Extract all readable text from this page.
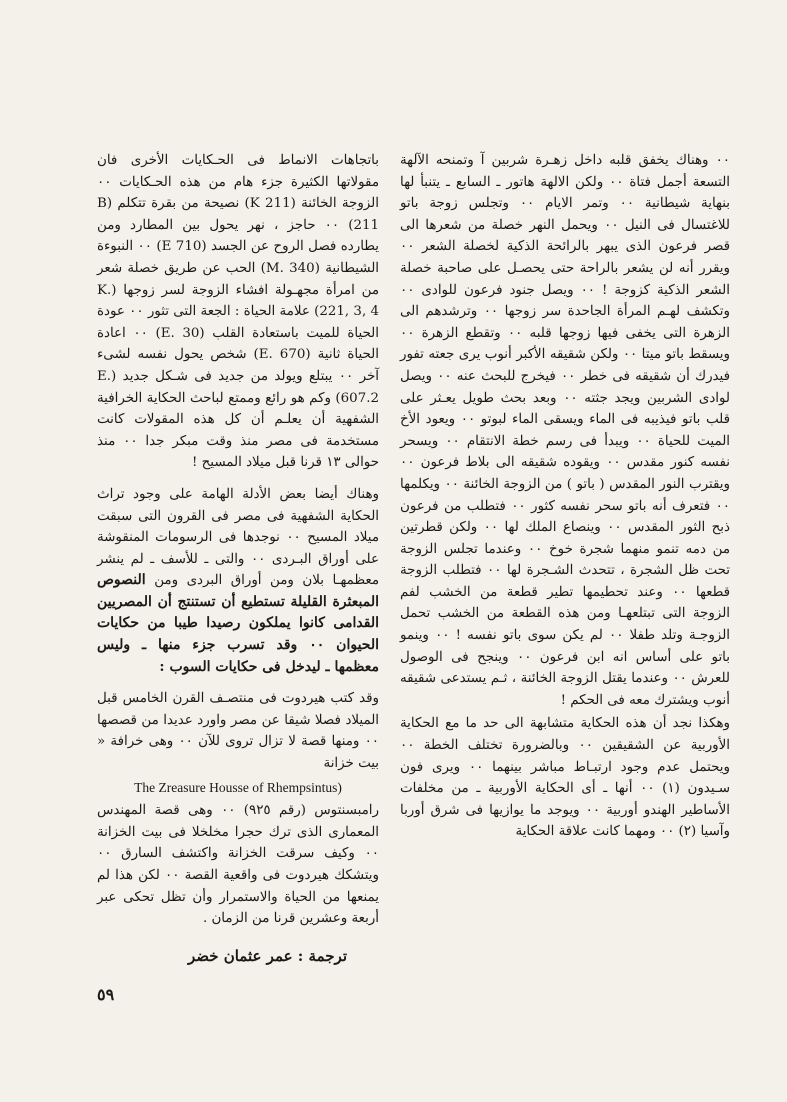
٠٠ وهناك يخفق قلبه داخل زهـرة شربين آ وتمنحه الآلهة التسعة أجمل فتاة ٠٠ ولكن الالهة هاتور ـ السابع ـ يتنبأ لها بنهاية شيطانية ٠٠ وتمر الايام ٠٠ وتجلس زوجة باتو للاغتسال فى النيل ٠٠ ويحمل النهر خصلة من شعرها الى قصر فرعون الذى يبهر بالرائحة الذكية لخصلة الشعر ٠٠ ويقرر أنه لن يشعر بالراحة حتى يحصـل على صاحبة خصلة الشعر الذكية كزوجة ! ٠٠ ويصل جنود فرعون للوادى ٠٠ وتكشف لهـم المرأة الجاحدة سر زوجها ٠٠ وترشدهم الى الزهرة التى يخفى فيها زوجها قلبه ٠٠ وتقطع الزهرة ٠٠ ويسقط باتو ميتا ٠٠ ولكن شقيقه الأكبر أنوب يرى جعته تفور فيدرك أن شقيقه فى خطر ٠٠ فيخرج للبحث عنه ٠٠ ويصل لوادى الشربين ويجد جثته ٠٠ وبعد بحث طويل يعـثر على قلب باتو فيذيبه فى الماء ويسقى الماء لبوتو ٠٠ ويعود الأخ الميت للحياة ٠٠ ويبدأ فى رسم خطة الانتقام ٠٠ ويسحر نفسه كنور مقدس ٠٠ ويقوده شقيقه الى بلاط فرعون ٠٠ ويقترب النور المقدس ( باتو ) من الزوجة الخائنة ٠٠ ويكلمها ٠٠ فتعرف أنه باتو سحر نفسه كثور ٠٠ فتطلب من فرعون ذبح الثور المقدس ٠٠ وينصاع الملك لها ٠٠ ولكن قطرتين من دمه تنمو منهما شجرة خوخ ٠٠ وعندما تجلس الزوجة تحت ظل الشجرة ، تتحدث الشـجرة لها ٠٠ فتطلب الزوجة قطعها ٠٠ وعند تحطيمها تطير قطعة من الخشب لفم الزوجة التى تبتلعهـا ومن هذه القطعة من الخشب تحمل الزوجـة وتلد طفلا ٠٠ لم يكن سوى باتو نفسه ! ٠٠ وينمو باتو على أساس انه ابن فرعون ٠٠ وينجح فى الوصول للعرش ٠٠ وعندما يقتل الزوجة الخائنة ، ثـم يستدعى شقيقه أنوب ويشترك معه فى الحكم !

وهكذا نجد أن هذه الحكاية متشابهة الى حد ما مع الحكاية الأوربية عن الشقيقين ٠٠ وبالضرورة تختلف الخطة ٠٠ ويحتمل عدم وجود ارتبـاط مباشر بينهما ٠٠ ويرى فون سـيدون (١) ٠٠ أنها ـ أى الحكاية الأوربية ـ من مخلفات الأساطير الهندو أوربية ٠٠ ويوجد ما يوازيها فى شرق أوربا وآسيا (٢) ٠٠ ومهما كانت علاقة الحكاية

باتجاهات الانماط فى الحـكايات الأخرى فان مقولاتها الكثيرة جزء هام من هذه الحـكايات ٠٠ الزوجة الخائنة (K 211) نصيحة من بقرة تتكلم (B 211) ٠٠ حاجز ، نهر يحول بين المطارد ومن يطارده فصل الروح عن الجسد (E 710) ٠٠ النبوءة الشيطانية (M. 340) الحب عن طريق خصلة شعر من امرأة مجهـولة افشاء الزوجة لسر زوجها (K. 221, 3, 4) علامة الحياة : الجعة التى تثور ٠٠ عودة الحياة للميت باستعادة القلب (E. 30) ٠٠ اعادة الحياة ثانية (E. 670) شخص يحول نفسه لشىء آخر ٠٠ يبتلع ويولد من جديد فى شـكل جديد (E. 607.2) وكم هو رائع وممتع لباحث الحكاية الخرافية الشفهية أن يعلـم أن كل هذه المقولات كانت مستخدمة فى مصر منذ وقت مبكر جدا ٠٠ منذ حوالى ١٣ قرنا قبل ميلاد المسيح !

وهناك أيضا بعض الأدلة الهامة على وجود تراث الحكاية الشفهية فى مصر فى القرون التى سبقت ميلاد المسيح ٠٠ نوجدها فى الرسومات المنقوشة على أوراق البـردى ٠٠ والتى ـ للأسف ـ لم ينشر معظمهـا بلان ومن أوراق البردى ومن النصوص المبعثرة القليلة تستطيع أن تستنتج أن المصريين القدامى كانوا يملكون رصيدا طيبا من حكايات الحيوان ٠٠ وقد تسرب جزء منها ـ وليس معظمها ـ ليدخل فى حكايات السوب :

وقد كتب هيردوت فى منتصـف القرن الخامس قبل الميلاد فصلا شيقا عن مصر واورد عديدا من قصصها ٠٠ ومنها قصة لا تزال تروى للآن ٠٠ وهى خرافة « بيت خزانة
The Zreasure Housse of Rhempsintus)
رامبسنتوس (رقم ٩٢٥) ٠٠ وهى قصة المهندس المعمارى الذى ترك حجرا مخلخلا فى بيت الخزانة ٠٠ وكيف سرقت الخزانة واكتشف السارق ٠٠ ويتشكك هيردوت فى واقعية القصة ٠٠ لكن هذا لم يمنعها من الحياة والاستمرار وأن تظل تحكى عبر أربعة وعشرين قرنا من الزمان .

ترجمة : عمر عثمان خضر
٥٩
